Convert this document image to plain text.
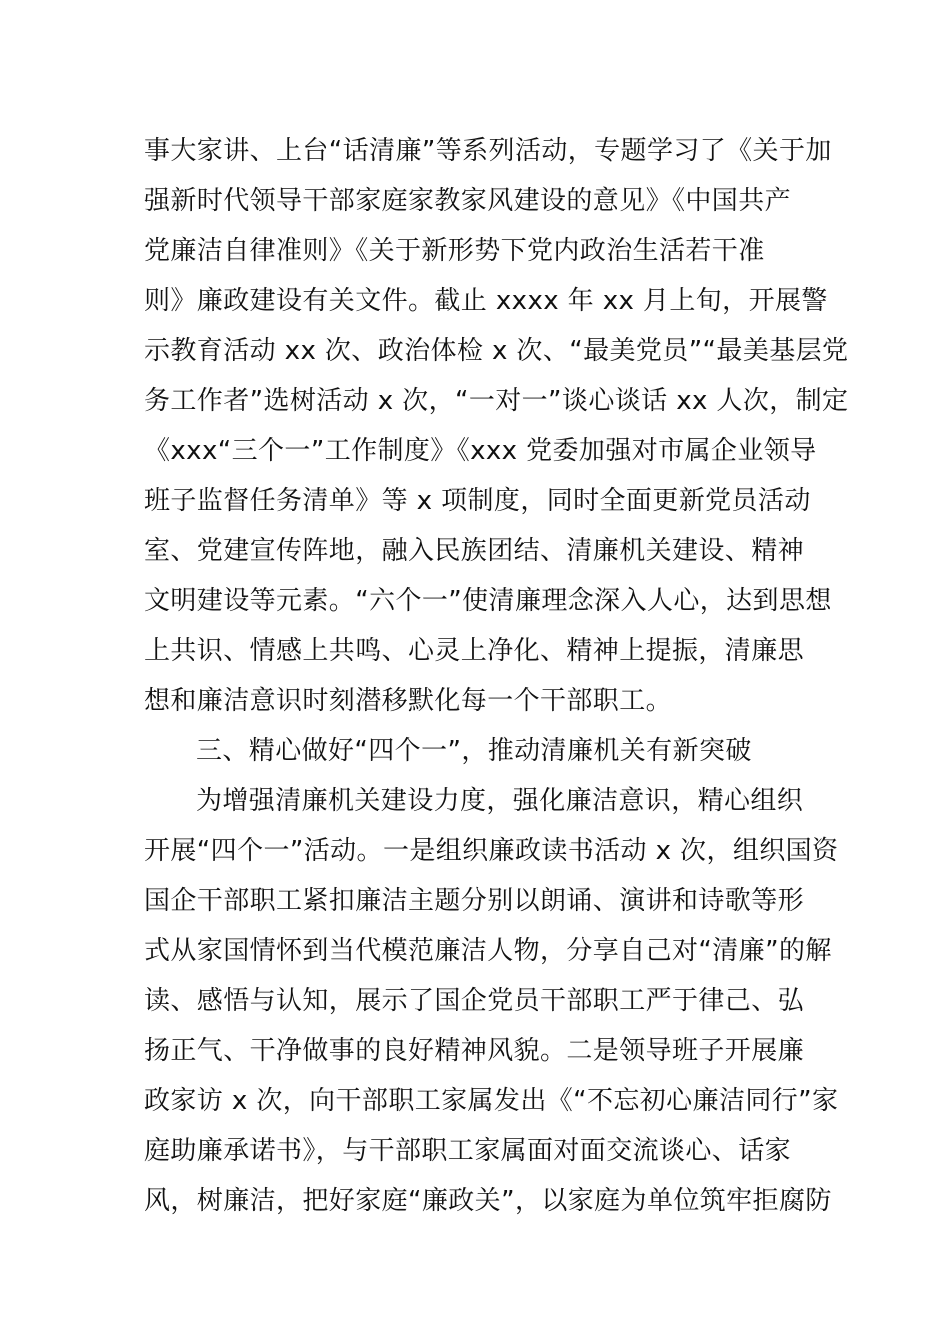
事大家讲、上台“话清廉”等系列活动，专题学习了《关于加
强新时代领导干部家庭家教家风建设的意见》《中国共产
党廉洁自律准则》《关于新形势下党内政治生活若干准
则》廉政建设有关文件。截止 xxxx 年 xx 月上旬，开展警
示教育活动 xx 次、政治体检 x 次、“最美党员”“最美基层党
务工作者”选树活动 x 次，“一对一”谈心谈话 xx 人次，制定
《xxx“三个一”工作制度》《xxx 党委加强对市属企业领导
班子监督任务清单》等 x 项制度，同时全面更新党员活动
室、党建宣传阵地，融入民族团结、清廉机关建设、精神
文明建设等元素。“六个一”使清廉理念深入人心，达到思想
上共识、情感上共鸣、心灵上净化、精神上提振，清廉思
想和廉洁意识时刻潜移默化每一个干部职工。
三、精心做好“四个一”，推动清廉机关有新突破
为增强清廉机关建设力度，强化廉洁意识，精心组织
开展“四个一”活动。一是组织廉政读书活动 x 次，组织国资
国企干部职工紧扣廉洁主题分别以朗诵、演讲和诗歌等形
式从家国情怀到当代模范廉洁人物，分享自己对“清廉”的解
读、感悟与认知，展示了国企党员干部职工严于律己、弘
扬正气、干净做事的良好精神风貌。二是领导班子开展廉
政家访 x 次，向干部职工家属发出《“不忘初心廉洁同行”家
庭助廉承诺书》，与干部职工家属面对面交流谈心、话家
风，树廉洁，把好家庭“廉政关”，以家庭为单位筑牢拒腐防
